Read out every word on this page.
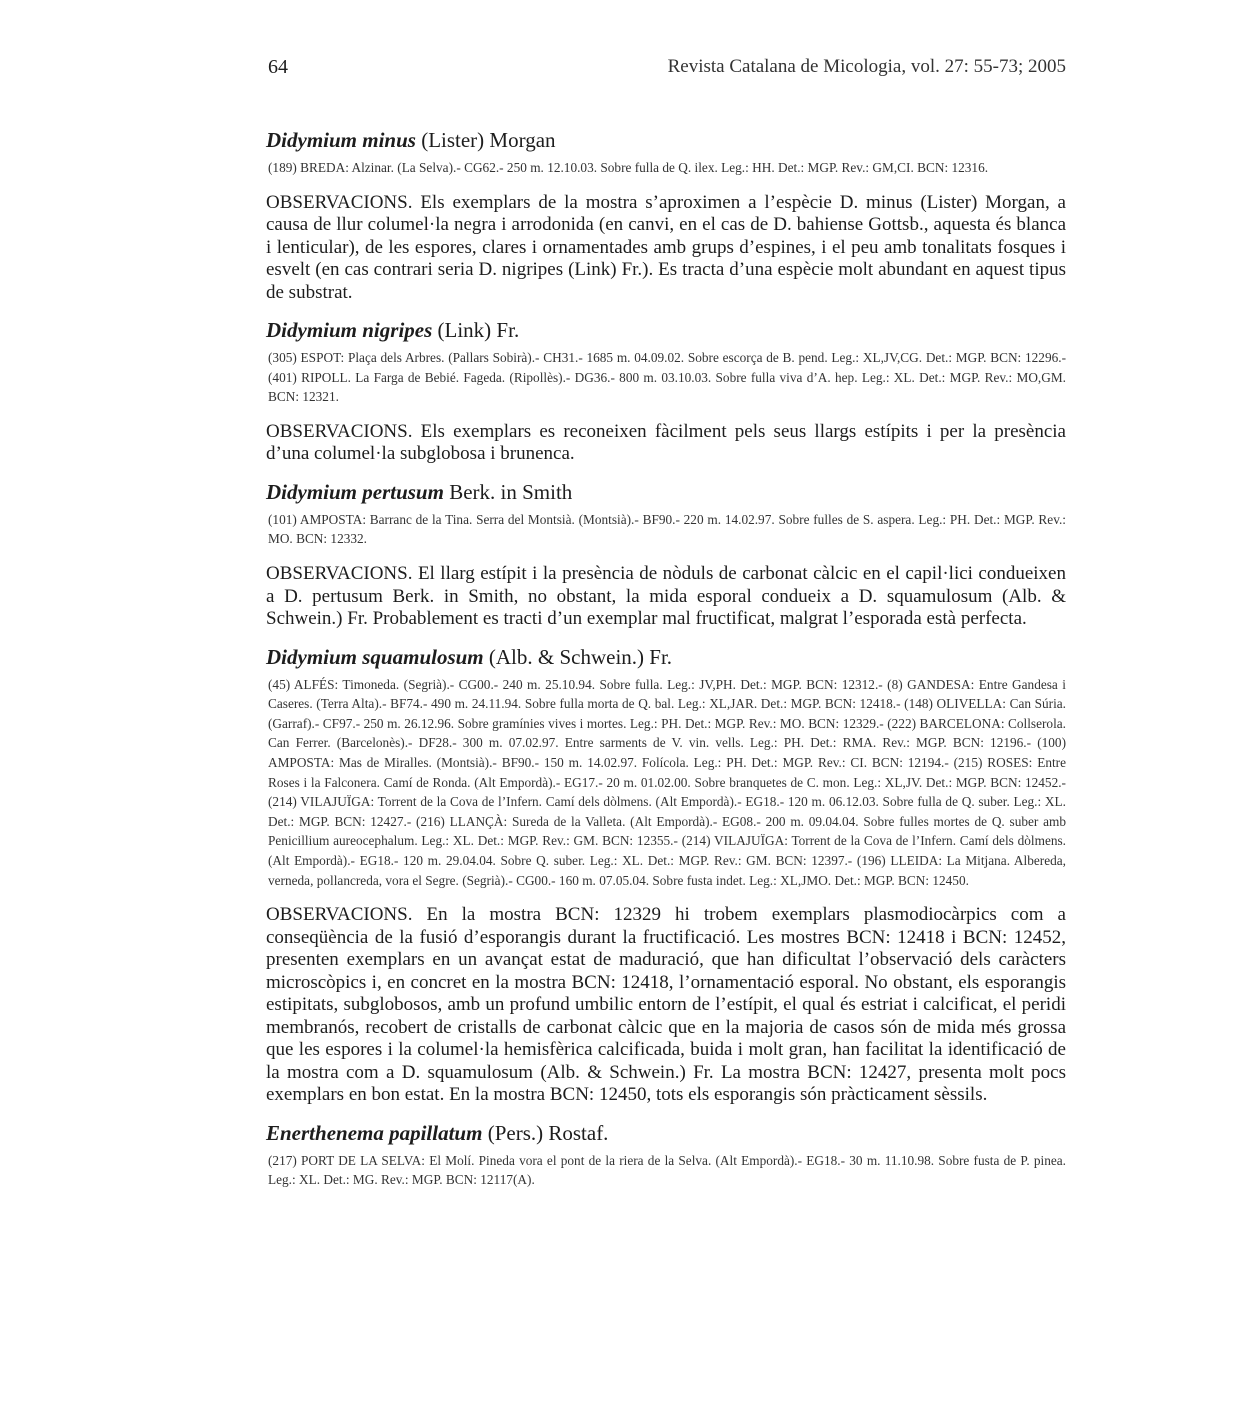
64	Revista Catalana de Micologia, vol. 27: 55-73; 2005
Didymium minus (Lister) Morgan

(189) BREDA: Alzinar. (La Selva).- CG62.- 250 m. 12.10.03. Sobre fulla de Q. ilex. Leg.: HH. Det.: MGP. Rev.: GM,CI. BCN: 12316.

OBSERVACIONS. Els exemplars de la mostra s’aproximen a l’espècie D. minus (Lister) Morgan, a causa de llur columel·la negra i arrodonida (en canvi, en el cas de D. bahiense Gottsb., aquesta és blanca i lenticular), de les espores, clares i ornamentades amb grups d’espines, i el peu amb tonalitats fosques i esvelt (en cas contrari seria D. nigripes (Link) Fr.). Es tracta d’una espècie molt abundant en aquest tipus de substrat.

Didymium nigripes (Link) Fr.

(305) ESPOT: Plaça dels Arbres. (Pallars Sobirà).- CH31.- 1685 m. 04.09.02. Sobre escorça de B. pend. Leg.: XL,JV,CG. Det.: MGP. BCN: 12296.- (401) RIPOLL. La Farga de Bebié. Fageda. (Ripollès).- DG36.- 800 m. 03.10.03. Sobre fulla viva d’A. hep. Leg.: XL. Det.: MGP. Rev.: MO,GM. BCN: 12321.

OBSERVACIONS. Els exemplars es reconeixen fàcilment pels seus llargs estípits i per la presència d’una columel·la subglobosa i brunenca.

Didymium pertusum Berk. in Smith

(101) AMPOSTA: Barranc de la Tina. Serra del Montsià. (Montsià).- BF90.- 220 m. 14.02.97. Sobre fulles de S. aspera. Leg.: PH. Det.: MGP. Rev.: MO. BCN: 12332.

OBSERVACIONS. El llarg estípit i la presència de nòduls de carbonat càlcic en el capil·lici condueixen a D. pertusum Berk. in Smith, no obstant, la mida esporal condueix a D. squamulosum (Alb. & Schwein.) Fr. Probablement es tracti d’un exemplar mal fructificat, malgrat l’esporada està perfecta.

Didymium squamulosum (Alb. & Schwein.) Fr.

(45) ALFÉS: Timoneda. (Segrià).- CG00.- 240 m. 25.10.94. Sobre fulla. Leg.: JV,PH. Det.: MGP. BCN: 12312.- (8) GANDESA: Entre Gandesa i Caseres. (Terra Alta).- BF74.- 490 m. 24.11.94. Sobre fulla morta de Q. bal. Leg.: XL,JAR. Det.: MGP. BCN: 12418.- (148) OLIVELLA: Can Súria. (Garraf).- CF97.- 250 m. 26.12.96. Sobre gramínies vives i mortes. Leg.: PH. Det.: MGP. Rev.: MO. BCN: 12329.- (222) BARCELONA: Collserola. Can Ferrer. (Barcelonès).- DF28.- 300 m. 07.02.97. Entre sarments de V. vin. vells. Leg.: PH. Det.: RMA. Rev.: MGP. BCN: 12196.- (100) AMPOSTA: Mas de Miralles. (Montsià).- BF90.- 150 m. 14.02.97. Folícola. Leg.: PH. Det.: MGP. Rev.: CI. BCN: 12194.- (215) ROSES: Entre Roses i la Falconera. Camí de Ronda. (Alt Empordà).- EG17.- 20 m. 01.02.00. Sobre branquetes de C. mon. Leg.: XL,JV. Det.: MGP. BCN: 12452.- (214) VILAJUÏGA: Torrent de la Cova de l’Infern. Camí dels dòlmens. (Alt Empordà).- EG18.- 120 m. 06.12.03. Sobre fulla de Q. suber. Leg.: XL. Det.: MGP. BCN: 12427.- (216) LLANÇÀ: Sureda de la Valleta. (Alt Empordà).- EG08.- 200 m. 09.04.04. Sobre fulles mortes de Q. suber amb Penicillium aureocephalum. Leg.: XL. Det.: MGP. Rev.: GM. BCN: 12355.- (214) VILAJUÏGA: Torrent de la Cova de l’Infern. Camí dels dòlmens. (Alt Empordà).- EG18.- 120 m. 29.04.04. Sobre Q. suber. Leg.: XL. Det.: MGP. Rev.: GM. BCN: 12397.- (196) LLEIDA: La Mitjana. Albereda, verneda, pollancreda, vora el Segre. (Segrià).- CG00.- 160 m. 07.05.04. Sobre fusta indet. Leg.: XL,JMO. Det.: MGP. BCN: 12450.

OBSERVACIONS. En la mostra BCN: 12329 hi trobem exemplars plasmodiocàrpics com a conseqüència de la fusió d’esporangis durant la fructificació. Les mostres BCN: 12418 i BCN: 12452, presenten exemplars en un avançat estat de maduració, que han dificultat l’observació dels caràcters microscòpics i, en concret en la mostra BCN: 12418, l’ornamentació esporal. No obstant, els esporangis estipitats, subglobosos, amb un profund umbilic entorn de l’estípit, el qual és estriat i calcificat, el peridi membranós, recobert de cristalls de carbonat càlcic que en la majoria de casos són de mida més grossa que les espores i la columel·la hemisfèrica calcificada, buida i molt gran, han facilitat la identificació de la mostra com a D. squamulosum (Alb. & Schwein.) Fr. La mostra BCN: 12427, presenta molt pocs exemplars en bon estat. En la mostra BCN: 12450, tots els esporangis són pràcticament sèssils.

Enerthenema papillatum (Pers.) Rostaf.

(217) PORT DE LA SELVA: El Molí. Pineda vora el pont de la riera de la Selva. (Alt Empordà).- EG18.- 30 m. 11.10.98. Sobre fusta de P. pinea. Leg.: XL. Det.: MG. Rev.: MGP. BCN: 12117(A).
